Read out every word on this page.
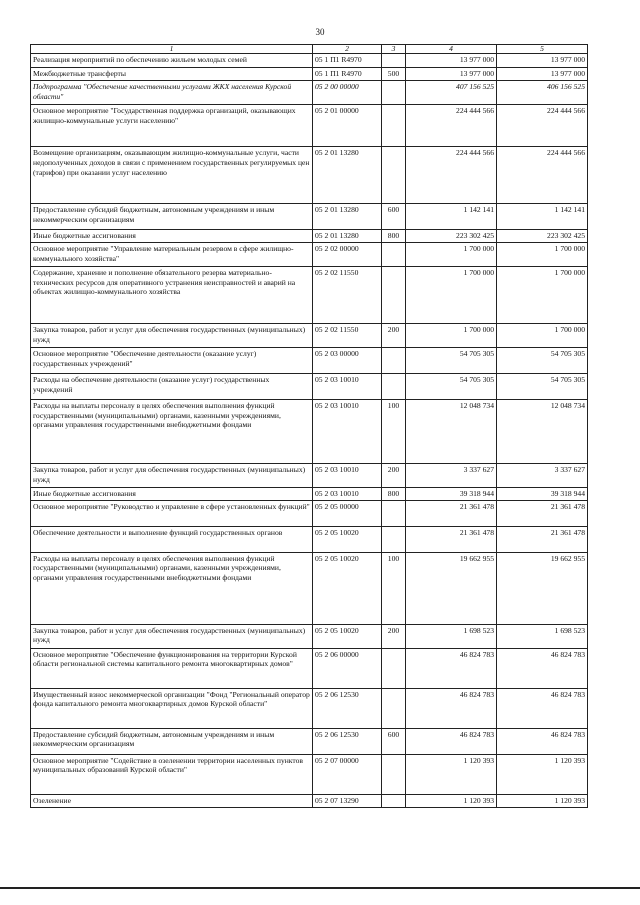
30
1	2	3	4	5
Реализация мероприятий по обеспечению жильем молодых семей	05 1 П1 R4970		13 977 000	13 977 000
Межбюджетные трансферты	05 1 П1 R4970	500	13 977 000	13 977 000
Подпрограмма "Обеспечение качественными услугами ЖКХ населения Курской области"	05 2 00 00000		407 156 525	406 156 525
Основное мероприятие "Государственная поддержка организаций, оказывающих жилищно-коммунальные услуги населению"	05 2 01 00000		224 444 566	224 444 566
Возмещение организациям, оказывающим жилищно-коммунальные услуги, части недополученных доходов в связи с применением государственных регулируемых цен (тарифов) при оказании услуг населению	05 2 01 13280		224 444 566	224 444 566
Предоставление субсидий бюджетным, автономным учреждениям и иным некоммерческим организациям	05 2 01 13280	600	1 142 141	1 142 141
Иные бюджетные ассигнования	05 2 01 13280	800	223 302 425	223 302 425
Основное мероприятие "Управление материальным резервом в сфере жилищно-коммунального хозяйства"	05 2 02 00000		1 700 000	1 700 000
Содержание, хранение и пополнение обязательного резерва материально-технических ресурсов для оперативного устранения неисправностей и аварий на объектах жилищно-коммунального хозяйства	05 2 02 11550		1 700 000	1 700 000
Закупка товаров, работ и услуг для обеспечения государственных (муниципальных) нужд	05 2 02 11550	200	1 700 000	1 700 000
Основное мероприятие "Обеспечение деятельности (оказание услуг) государственных учреждений"	05 2 03 00000		54 705 305	54 705 305
Расходы на обеспечение деятельности (оказание услуг) государственных учреждений	05 2 03 10010		54 705 305	54 705 305
Расходы на выплаты персоналу в целях обеспечения выполнения функций государственными (муниципальными) органами, казенными учреждениями, органами управления государственными внебюджетными фондами	05 2 03 10010	100	12 048 734	12 048 734
Закупка товаров, работ и услуг для обеспечения государственных (муниципальных) нужд	05 2 03 10010	200	3 337 627	3 337 627
Иные бюджетные ассигнования	05 2 03 10010	800	39 318 944	39 318 944
Основное мероприятие "Руководство и управление в сфере установленных функций"	05 2 05 00000		21 361 478	21 361 478
Обеспечение деятельности и выполнение функций государственных органов	05 2 05 10020		21 361 478	21 361 478
Расходы на выплаты персоналу в целях обеспечения выполнения функций государственными (муниципальными) органами, казенными учреждениями, органами управления государственными внебюджетными фондами	05 2 05 10020	100	19 662 955	19 662 955
Закупка товаров, работ и услуг для обеспечения государственных (муниципальных) нужд	05 2 05 10020	200	1 698 523	1 698 523
Основное мероприятие "Обеспечение функционирования на территории Курской области региональной системы капитального ремонта многоквартирных домов"	05 2 06 00000		46 824 783	46 824 783
Имущественный взнос некоммерческой организации "Фонд "Региональный оператор фонда капитального ремонта многоквартирных домов Курской области"	05 2 06 12530		46 824 783	46 824 783
Предоставление субсидий бюджетным, автономным учреждениям и иным некоммерческим организациям	05 2 06 12530	600	46 824 783	46 824 783
Основное мероприятие "Содействие в озеленении территории населенных пунктов муниципальных образований Курской области"	05 2 07 00000		1 120 393	1 120 393
Озеленение	05 2 07 13290		1 120 393	1 120 393
